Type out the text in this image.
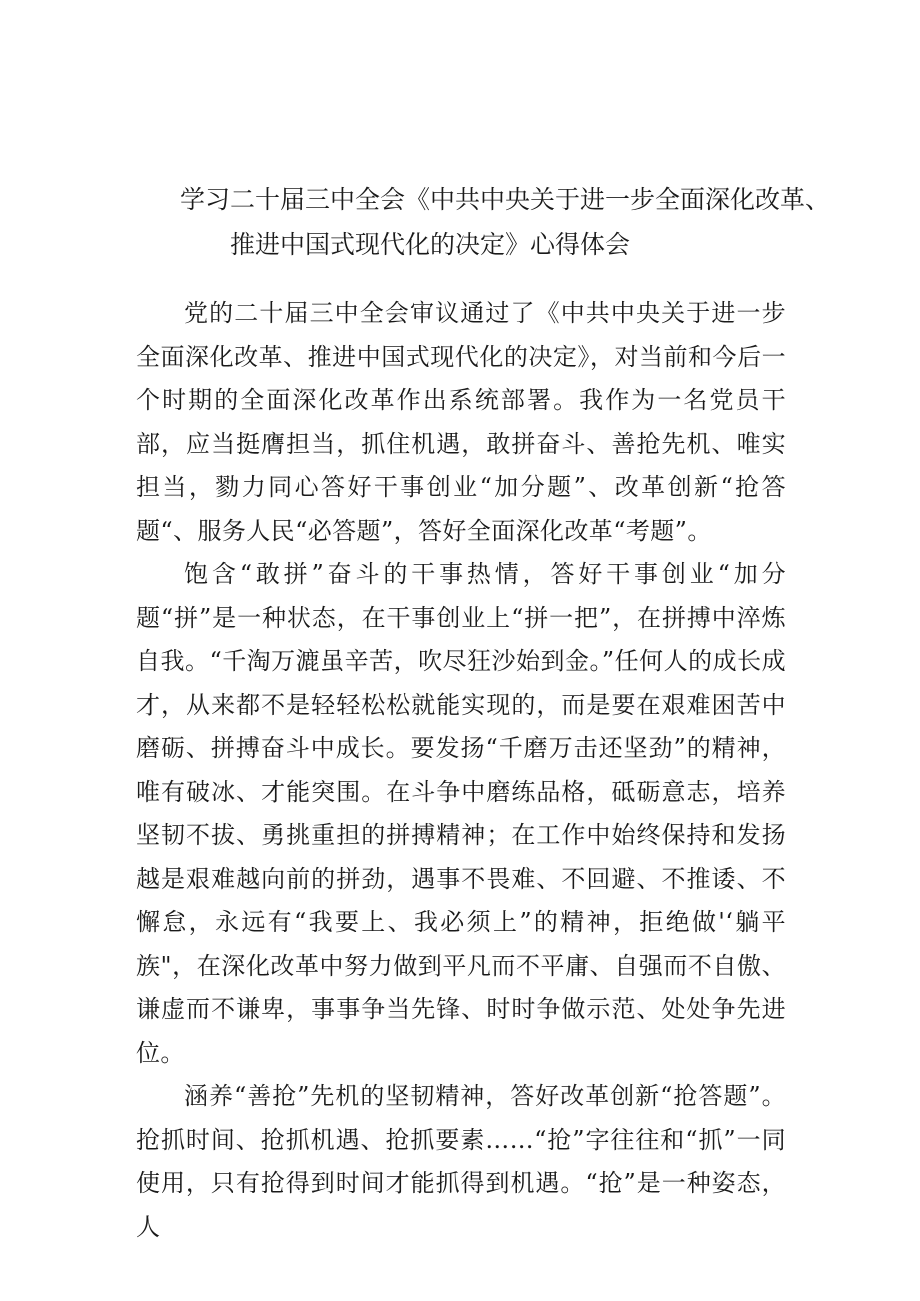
学习二十届三中全会《中共中央关于进一步全面深化改革、
推进中国式现代化的决定》心得体会

党的二十届三中全会审议通过了《中共中央关于进一步全面深化改革、推进中国式现代化的决定》，对当前和今后一个时期的全面深化改革作出系统部署。我作为一名党员干部，应当挺膺担当，抓住机遇，敢拼奋斗、善抢先机、唯实担当，勠力同心答好干事创业“加分题”、改革创新“抢答题“、服务人民“必答题”，答好全面深化改革“考题”。

饱含“敢拼”奋斗的干事热情，答好干事创业“加分题“拼”是一种状态，在干事创业上“拼一把”，在拼搏中淬炼自我。“千淘万漉虽辛苦，吹尽狂沙始到金。”任何人的成长成才，从来都不是轻轻松松就能实现的，而是要在艰难困苦中磨砺、拼搏奋斗中成长。要发扬“千磨万击还坚劲”的精神，唯有破冰、才能突围。在斗争中磨练品格，砥砺意志，培养坚韧不拔、勇挑重担的拼搏精神；在工作中始终保持和发扬越是艰难越向前的拼劲，遇事不畏难、不回避、不推诿、不懈怠，永远有“我要上、我必须上”的精神，拒绝做'‘躺平族"，在深化改革中努力做到平凡而不平庸、自强而不自傲、谦虚而不谦卑，事事争当先锋、时时争做示范、处处争先进位。

涵养“善抢”先机的坚韧精神，答好改革创新“抢答题”。抢抓时间、抢抓机遇、抢抓要素……“抢”字往往和“抓”一同使用，只有抢得到时间才能抓得到机遇。“抢”是一种姿态，人
